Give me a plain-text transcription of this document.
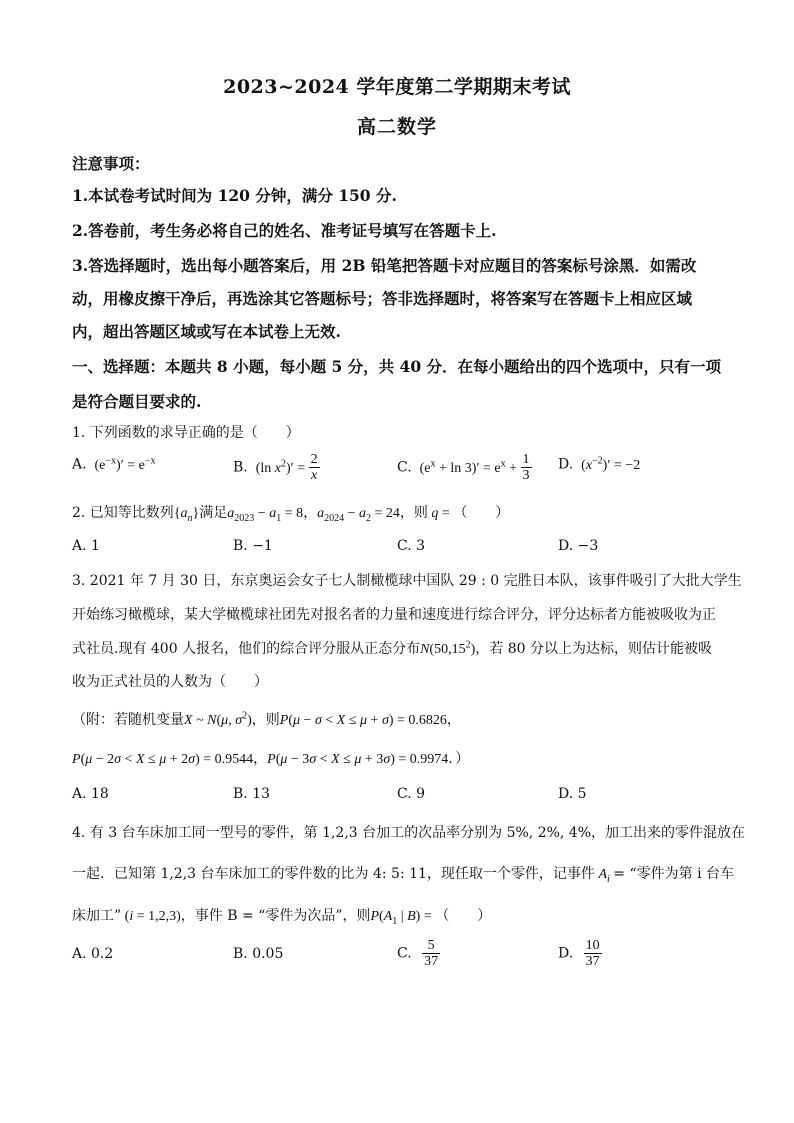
2023~2024 学年度第二学期期末考试
高二数学
注意事项：
1.本试卷考试时间为 120 分钟，满分 150 分.
2.答卷前，考生务必将自己的姓名、准考证号填写在答题卡上.
3.答选择题时，选出每小题答案后，用 2B 铅笔把答题卡对应题目的答案标号涂黑．如需改
动，用橡皮擦干净后，再选涂其它答题标号；答非选择题时，将答案写在答题卡上相应区域
内，超出答题区域或写在本试卷上无效.
一、选择题：本题共 8 小题，每小题 5 分，共 40 分．在每小题给出的四个选项中，只有一项
是符合题目要求的.
1. 下列函数的求导正确的是（　　）
A.  $(e^{-x})' = e^{-x}$	B.  (ln $x^2)' = \frac{2}{x}$	C.  $(e^x + \ln 3)' = e^x + \frac{1}{3} D$.  $(x^{-2})' = -2$
2. 已知等比数列$\{a_n\}$满足$a_{2023} - a_1 = 8$，$a_{2024} - a_2 = 24$，则 q = （　　）
A. 1	B. −1	C. 3	D. −3
3. 2021 年 7 月 30 日，东京奥运会女子七人制橄榄球中国队 29 : 0 完胜日本队，该事件吸引了大批大学生
开始练习橄榄球，某大学橄榄球社团先对报名者的力量和速度进行综合评分，评分达标者方能被吸收为正
式社员.现有 400 人报名，他们的综合评分服从正态分布N(50,15$^2$)，若 80 分以上为达标，则估计能被吸
收为正式社员的人数为（　　）
（附：若随机变量X ~ N(μ, $\sigma^2$)，则P(μ − σ < X ≤ μ + σ) = 0.6826，
P(μ − 2σ < X ≤ μ + 2σ) = 0.9544，P(μ − 3σ < X ≤ μ + 3σ) = 0.9974．）
A. 18	B. 13	C. 9	D. 5
4. 有 3 台车床加工同一型号的零件，第 1,2,3 台加工的次品率分别为 5%, 2%, 4%，加工出来的零件混放在
一起．已知第 1,2,3 台车床加工的零件数的比为 4: 5: 11，现任取一个零件，记事件 $A_i$ = “零件为第 i 台车
床加工” (i = 1,2,3)，事件 B = “零件为次品”，则$P(A_1$ | B) = （　　）
A. 0.2	B. 0.05	C. $\frac{5}{37}$	D. $\frac{10}{37}$
